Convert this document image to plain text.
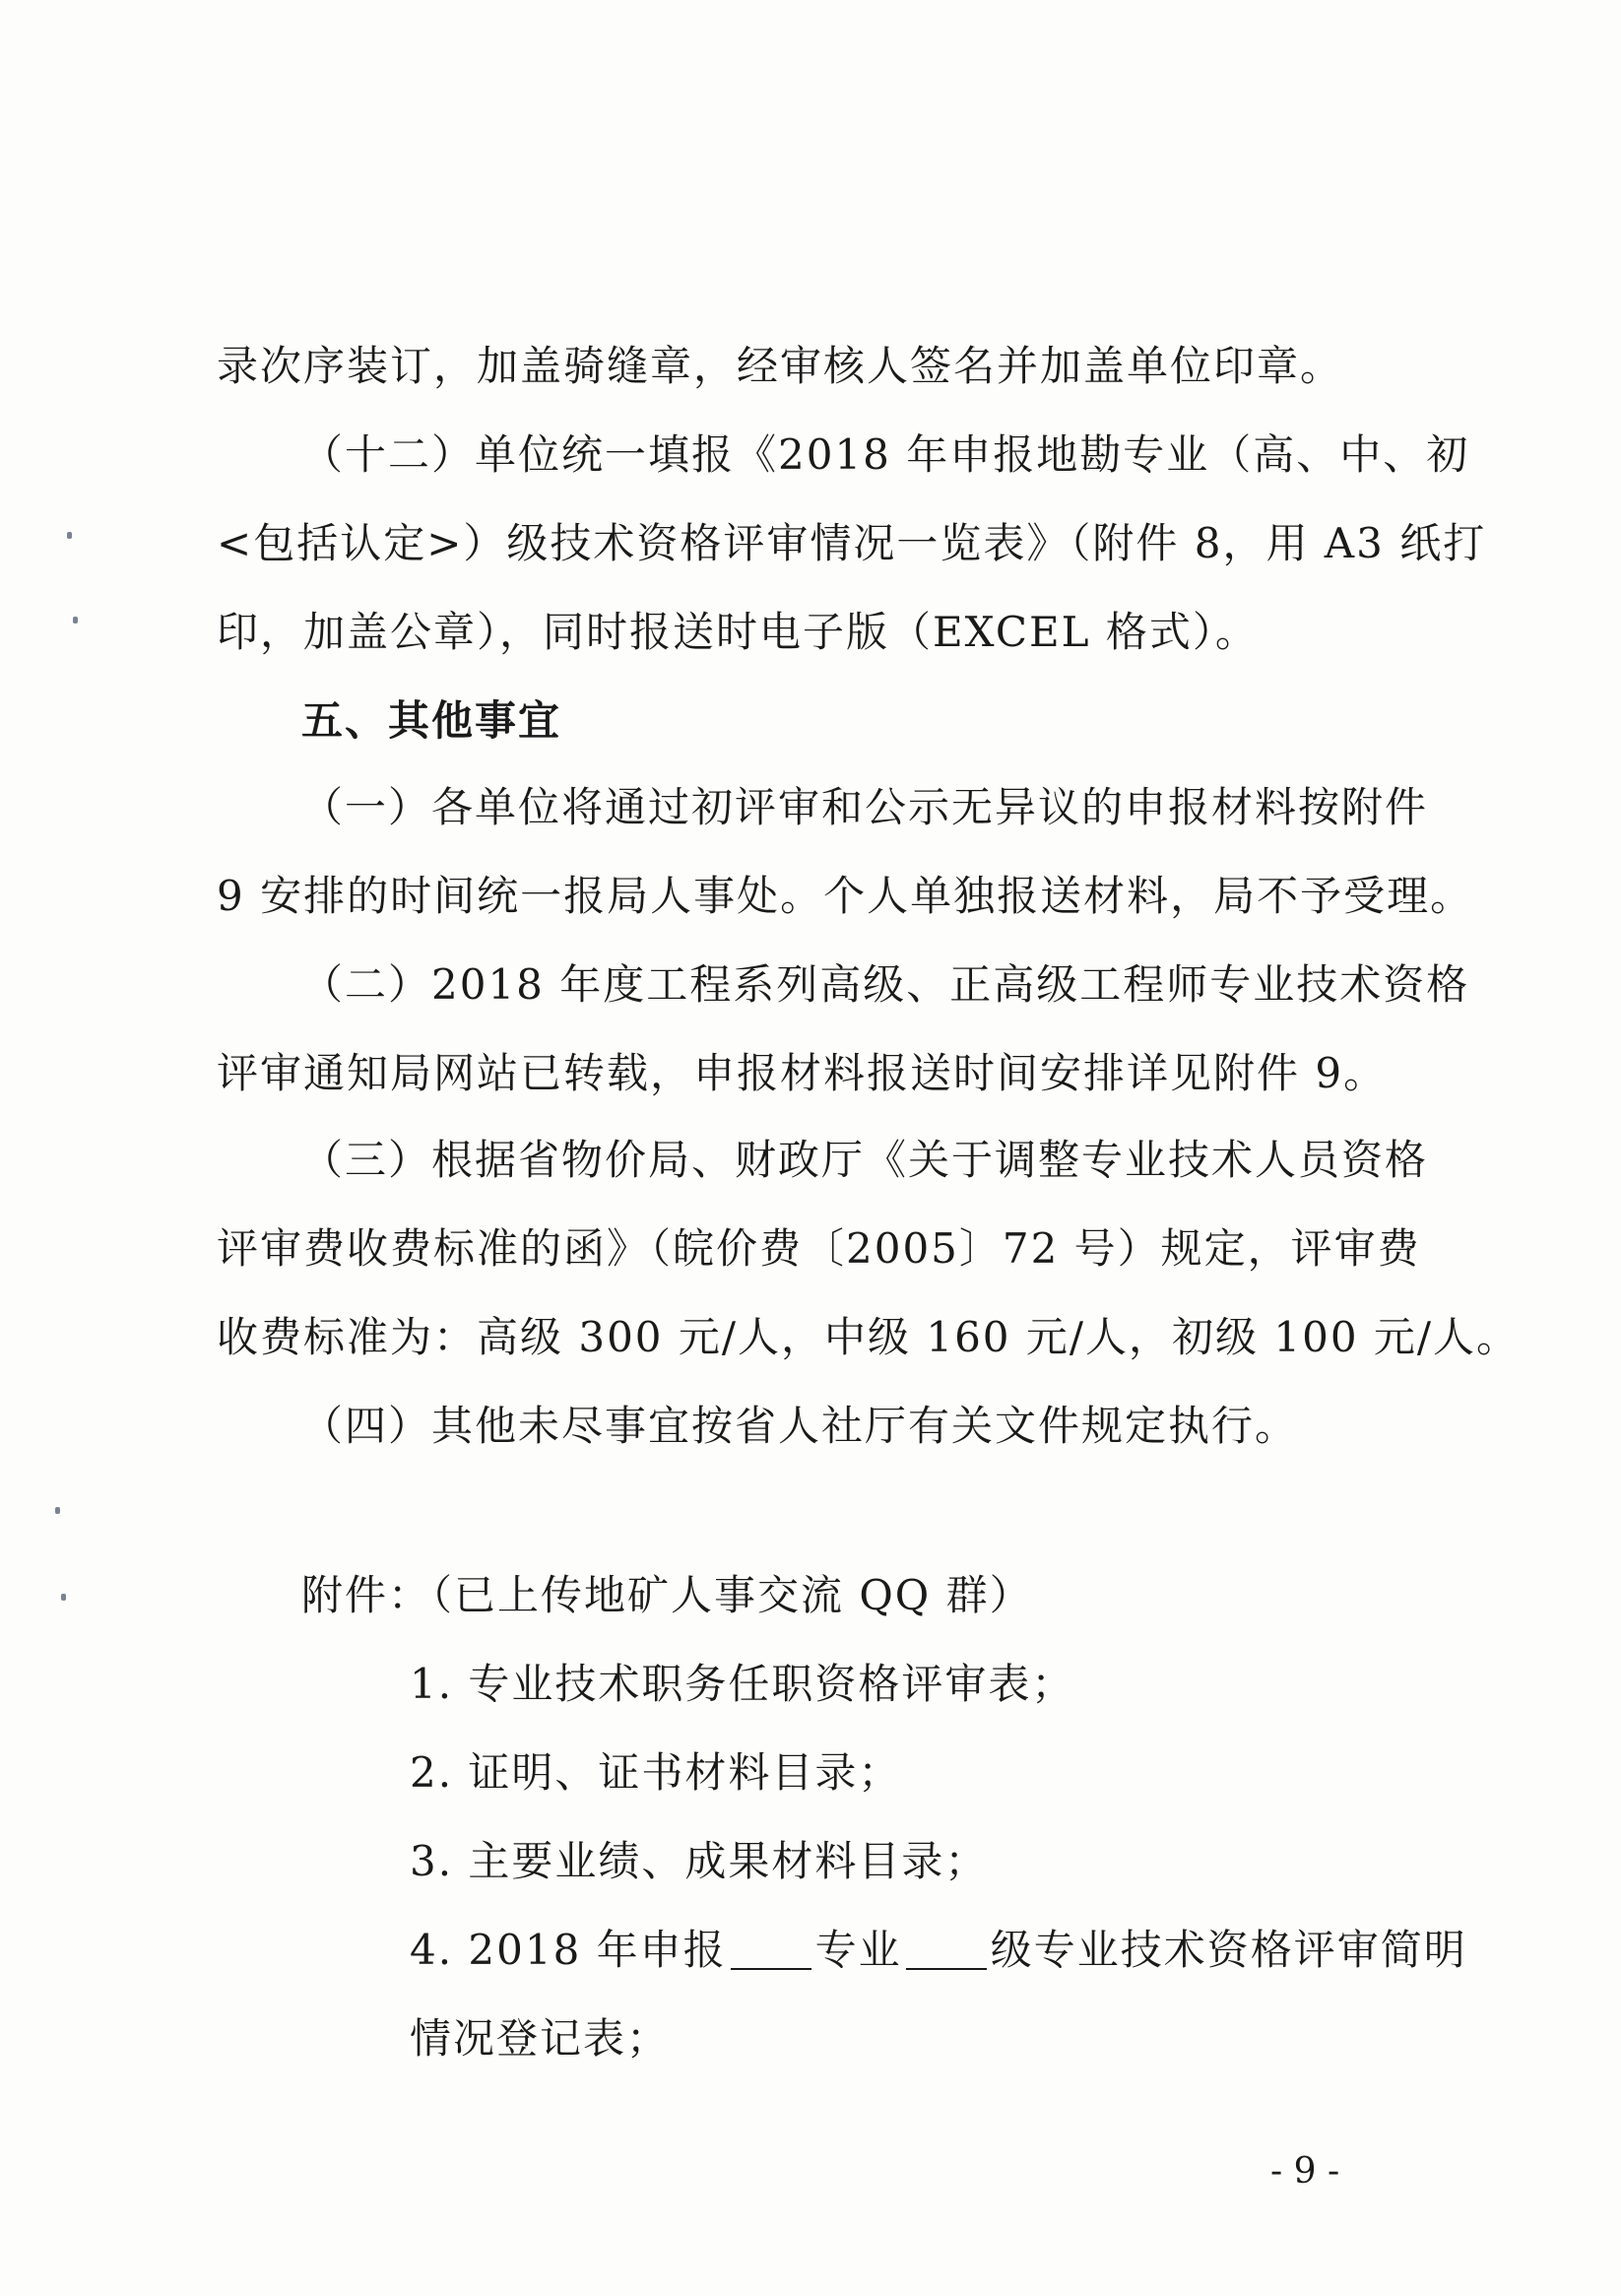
录次序装订，加盖骑缝章，经审核人签名并加盖单位印章。
（十二）单位统一填报《2018 年申报地勘专业（高、中、初
<包括认定>）级技术资格评审情况一览表》（附件 8，用 A3 纸打
印，加盖公章），同时报送时电子版（EXCEL 格式）。
五、其他事宜
（一）各单位将通过初评审和公示无异议的申报材料按附件
9 安排的时间统一报局人事处。个人单独报送材料，局不予受理。
（二）2018 年度工程系列高级、正高级工程师专业技术资格
评审通知局网站已转载，申报材料报送时间安排详见附件 9。
（三）根据省物价局、财政厅《关于调整专业技术人员资格
评审费收费标准的函》（皖价费〔2005〕72 号）规定，评审费
收费标准为：高级 300 元/人，中级 160 元/人，初级 100 元/人。
（四）其他未尽事宜按省人社厅有关文件规定执行。
附件：（已上传地矿人事交流 QQ 群）
1. 专业技术职务任职资格评审表；
2. 证明、证书材料目录；
3. 主要业绩、成果材料目录；
4. 2018 年申报 专业 级专业技术资格评审简明
情况登记表；
- 9 -
